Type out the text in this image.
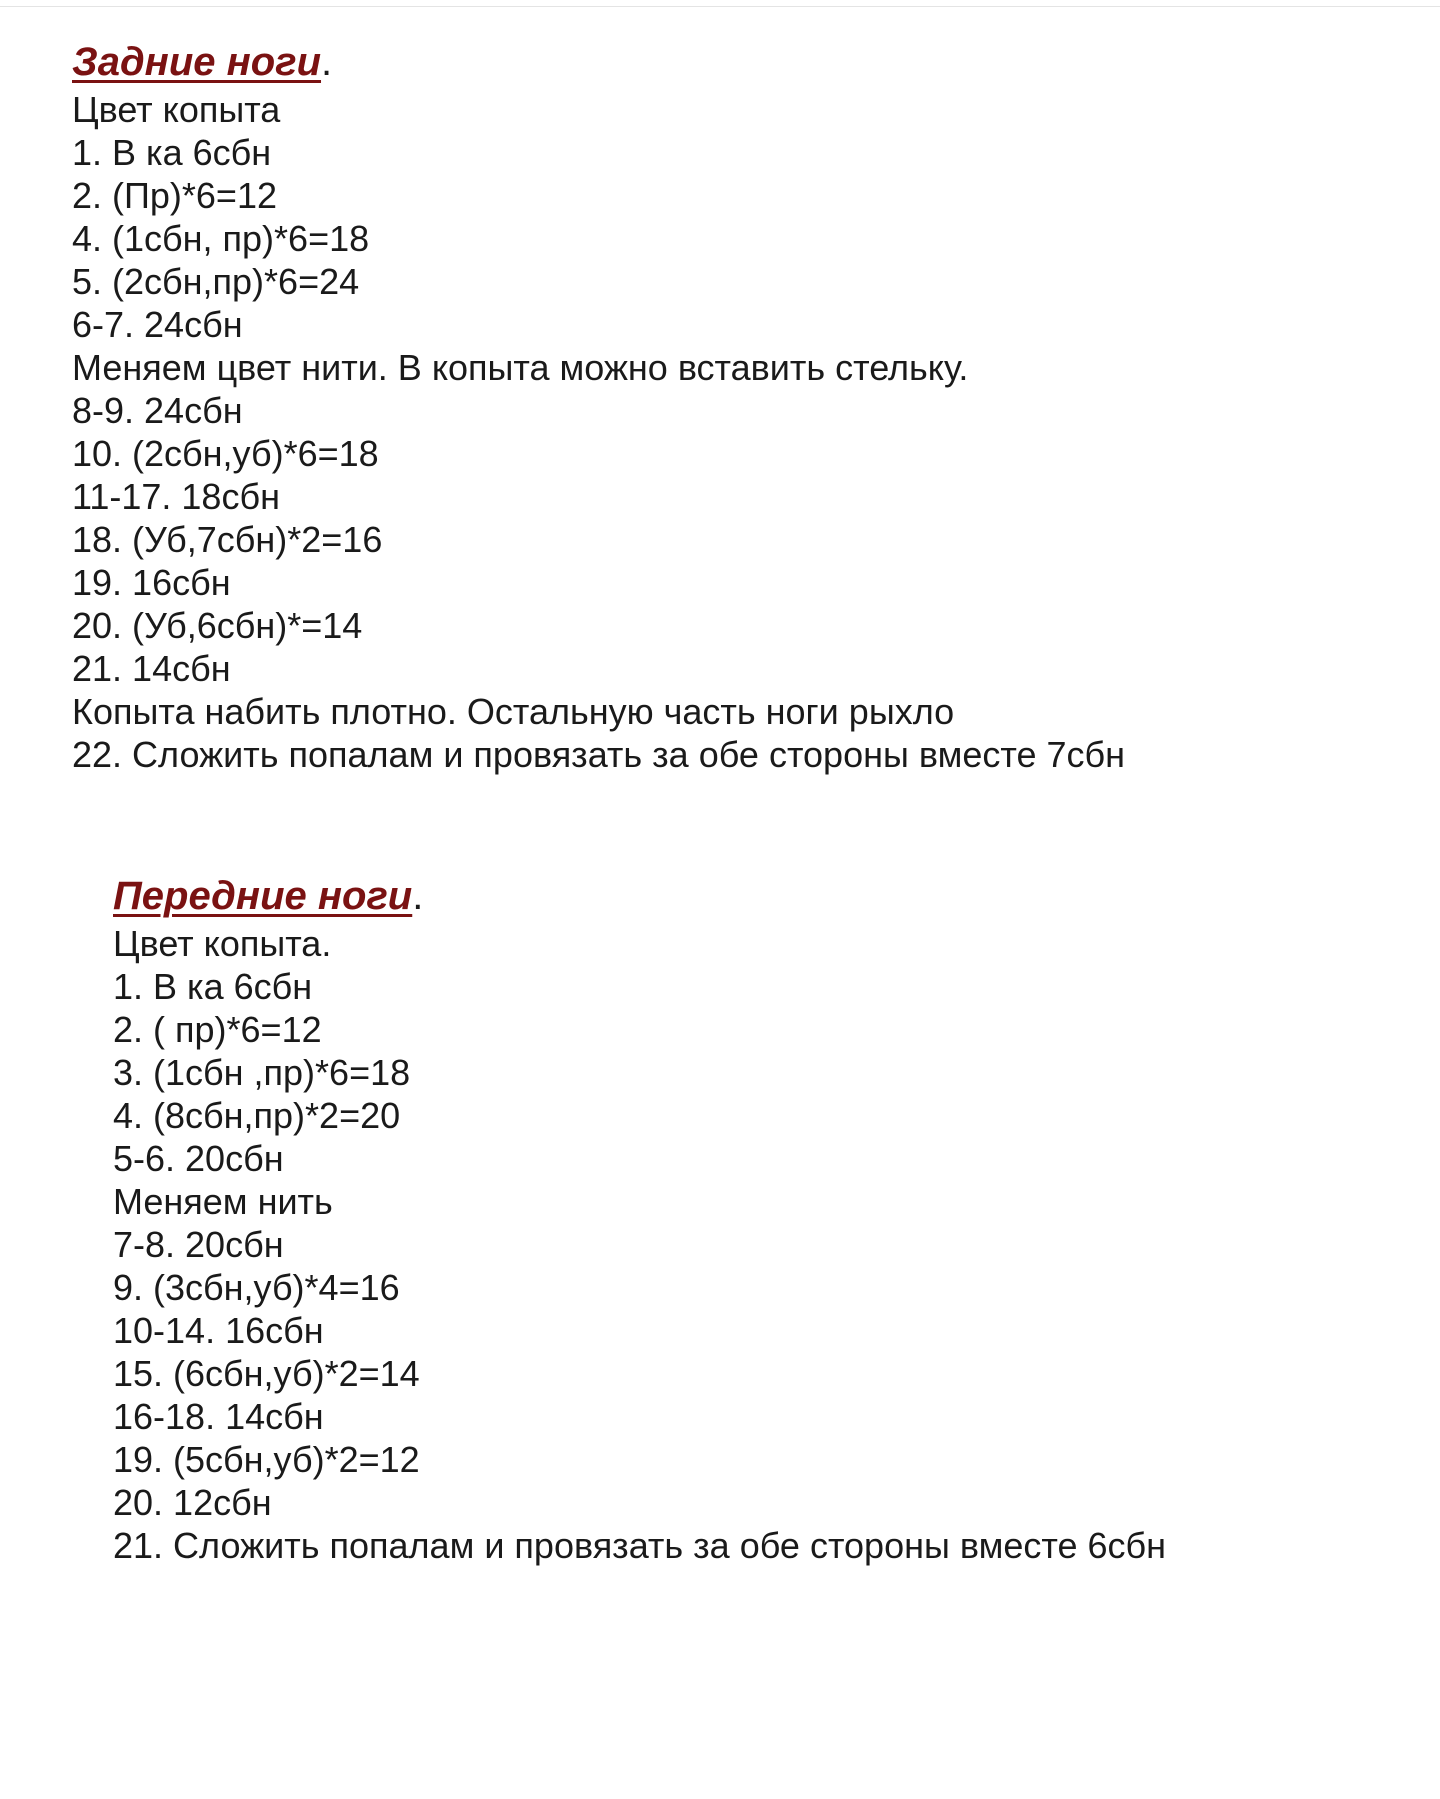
Задние ноги.
Цвет копыта
1. В ка 6сбн
2. (Пр)*6=12
4. (1сбн, пр)*6=18
5. (2сбн,пр)*6=24
6-7. 24сбн
Меняем цвет нити. В копыта можно вставить стельку.
8-9. 24сбн
10. (2сбн,уб)*6=18
11-17. 18сбн
18. (Уб,7сбн)*2=16
19. 16сбн
20. (Уб,6сбн)*=14
21. 14сбн
Копыта набить плотно. Остальную часть ноги рыхло
22. Сложить попалам и провязать за обе стороны вместе 7сбн
Передние ноги.
Цвет копыта.
1. В ка 6сбн
2. ( пр)*6=12
3. (1сбн ,пр)*6=18
4. (8сбн,пр)*2=20
5-6. 20сбн
Меняем нить
7-8. 20сбн
9. (3сбн,уб)*4=16
10-14. 16сбн
15. (6сбн,уб)*2=14
16-18. 14сбн
19. (5сбн,уб)*2=12
20. 12сбн
21. Сложить попалам и провязать за обе стороны вместе 6сбн
